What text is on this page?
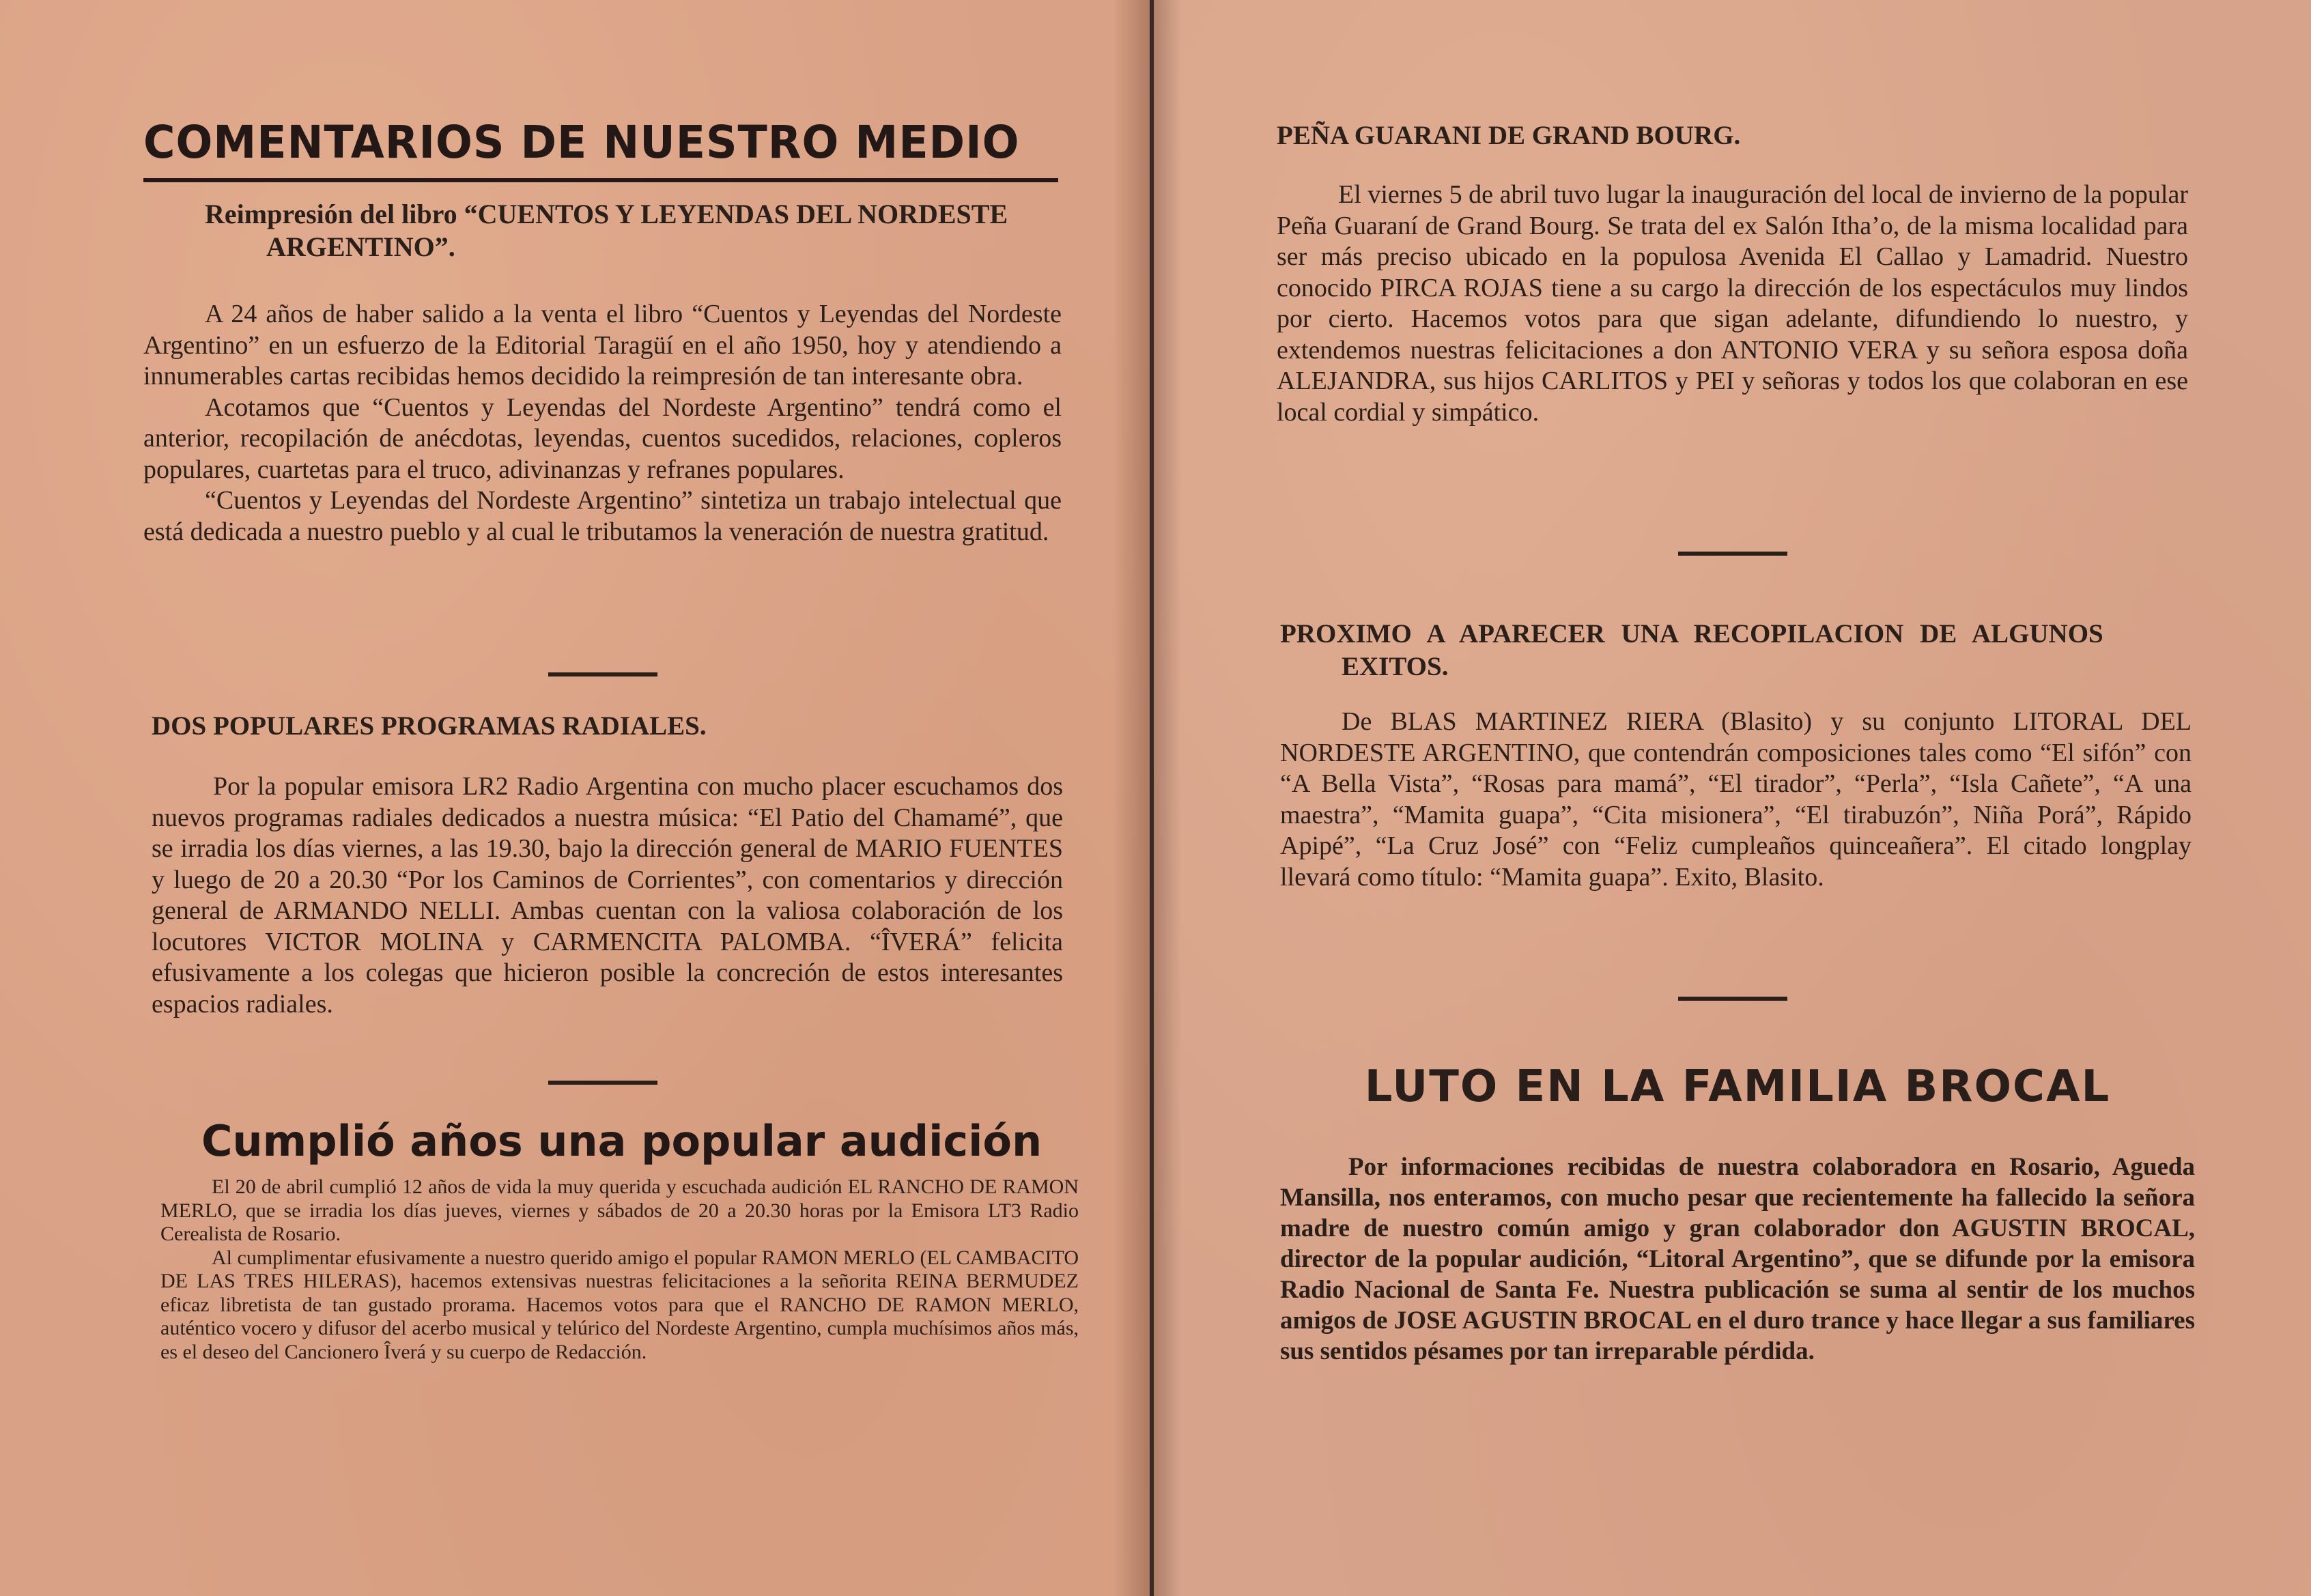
COMENTARIOS DE NUESTRO MEDIO
Reimpresión del libro “CUENTOS Y LEYENDAS DEL NORDESTE ARGENTINO”.

A 24 años de haber salido a la venta el libro “Cuentos y Leyendas del Nordeste Argentino” en un esfuerzo de la Editorial Taragüí en el año 1950, hoy y atendiendo a innumerables cartas recibidas hemos decidido la reimpresión de tan interesante obra.

Acotamos que “Cuentos y Leyendas del Nordeste Argentino” tendrá como el anterior, recopilación de anécdotas, leyendas, cuentos sucedidos, relaciones, copleros populares, cuartetas para el truco, adivinanzas y refranes populares.

“Cuentos y Leyendas del Nordeste Argentino” sintetiza un trabajo intelectual que está dedicada a nuestro pueblo y al cual le tributamos la veneración de nuestra gratitud.

DOS POPULARES PROGRAMAS RADIALES.

Por la popular emisora LR2 Radio Argentina con mucho placer escuchamos dos nuevos programas radiales dedicados a nuestra música: “El Patio del Chamamé”, que se irradia los días viernes, a las 19.30, bajo la dirección general de MARIO FUENTES y luego de 20 a 20.30 “Por los Caminos de Corrientes”, con comentarios y dirección general de ARMANDO NELLI. Ambas cuentan con la valiosa colaboración de los locutores VICTOR MOLINA y CARMENCITA PALOMBA. “ÎVERÁ” felicita efusivamente a los colegas que hicieron posible la concreción de estos interesantes espacios radiales.

Cumplió años una popular audición

El 20 de abril cumplió 12 años de vida la muy querida y escuchada audición EL RANCHO DE RAMON MERLO, que se irradia los días jueves, viernes y sábados de 20 a 20.30 horas por la Emisora LT3 Radio Cerealista de Rosario.

Al cumplimentar efusivamente a nuestro querido amigo el popular RAMON MERLO (EL CAMBACITO DE LAS TRES HILERAS), hacemos extensivas nuestras felicitaciones a la señorita REINA BERMUDEZ eficaz libretista de tan gustado prorama. Hacemos votos para que el RANCHO DE RAMON MERLO, auténtico vocero y difusor del acerbo musical y telúrico del Nordeste Argentino, cumpla muchísimos años más, es el deseo del Cancionero Îverá y su cuerpo de Redacción.

PEÑA GUARANI DE GRAND BOURG.

El viernes 5 de abril tuvo lugar la inauguración del local de invierno de la popular Peña Guaraní de Grand Bourg. Se trata del ex Salón Itha’o, de la misma localidad para ser más preciso ubicado en la populosa Avenida El Callao y Lamadrid. Nuestro conocido PIRCA ROJAS tiene a su cargo la dirección de los espectáculos muy lindos por cierto. Hacemos votos para que sigan adelante, difundiendo lo nuestro, y extendemos nuestras felicitaciones a don ANTONIO VERA y su señora esposa doña ALEJANDRA, sus hijos CARLITOS y PEI y señoras y todos los que colaboran en ese local cordial y simpático.

PROXIMO A APARECER UNA RECOPILACION DE ALGUNOS EXITOS.

De BLAS MARTINEZ RIERA (Blasito) y su conjunto LITORAL DEL NORDESTE ARGENTINO, que contendrán composiciones tales como “El sifón” con “A Bella Vista”, “Rosas para mamá”, “El tirador”, “Perla”, “Isla Cañete”, “A una maestra”, “Mamita guapa”, “Cita misionera”, “El tirabuzón”, Niña Porá”, Rápido Apipé”, “La Cruz José” con “Feliz cumpleaños quinceañera”. El citado longplay llevará como título: “Mamita guapa”. Exito, Blasito.

LUTO EN LA FAMILIA BROCAL

Por informaciones recibidas de nuestra colaboradora en Rosario, Agueda Mansilla, nos enteramos, con mucho pesar que recientemente ha fallecido la señora madre de nuestro común amigo y gran colaborador don AGUSTIN BROCAL, director de la popular audición, “Litoral Argentino”, que se difunde por la emisora Radio Nacional de Santa Fe. Nuestra publicación se suma al sentir de los muchos amigos de JOSE AGUSTIN BROCAL en el duro trance y hace llegar a sus familiares sus sentidos pésames por tan irreparable pérdida.
